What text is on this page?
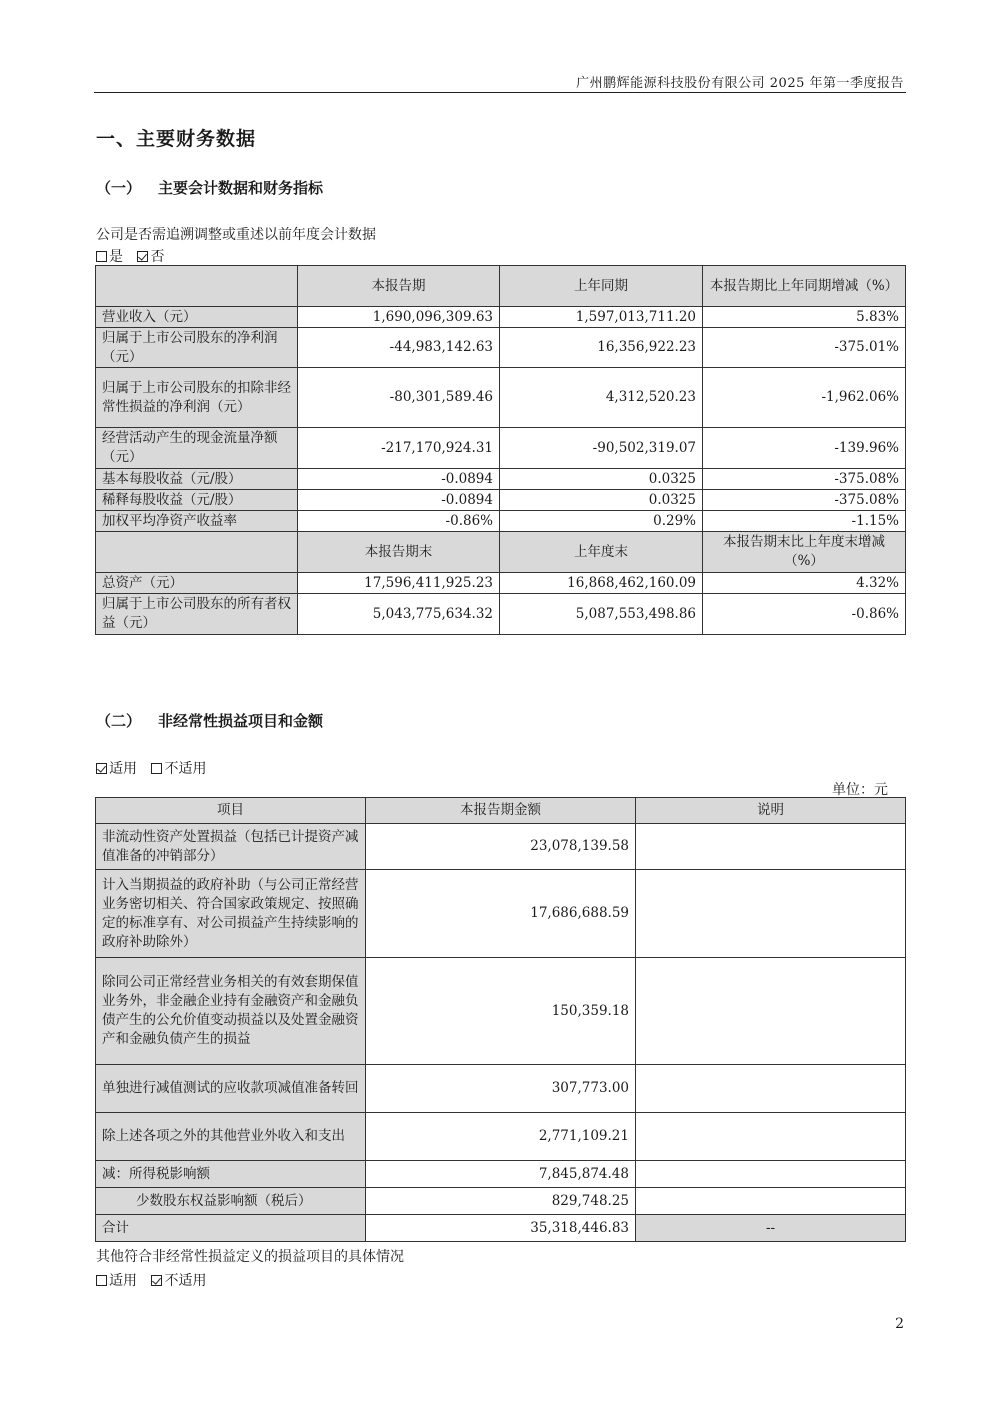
广州鹏辉能源科技股份有限公司 2025 年第一季度报告
一、主要财务数据
（一） 主要会计数据和财务指标
公司是否需追溯调整或重述以前年度会计数据
是 否
	本报告期	上年同期	本报告期比上年同期增减（%）
营业收入（元）	1,690,096,309.63	1,597,013,711.20	5.83%
归属于上市公司股东的净利润（元）	-44,983,142.63	16,356,922.23	-375.01%
归属于上市公司股东的扣除非经常性损益的净利润（元）	-80,301,589.46	4,312,520.23	-1,962.06%
经营活动产生的现金流量净额（元）	-217,170,924.31	-90,502,319.07	-139.96%
基本每股收益（元/股）	-0.0894	0.0325	-375.08%
稀释每股收益（元/股）	-0.0894	0.0325	-375.08%
加权平均净资产收益率	-0.86%	0.29%	-1.15%
	本报告期末	上年度末	本报告期末比上年度末增减（%）
总资产（元）	17,596,411,925.23	16,868,462,160.09	4.32%
归属于上市公司股东的所有者权益（元）	5,043,775,634.32	5,087,553,498.86	-0.86%
（二） 非经常性损益项目和金额
适用 不适用
单位：元
项目	本报告期金额	说明
非流动性资产处置损益（包括已计提资产减值准备的冲销部分）	23,078,139.58	
计入当期损益的政府补助（与公司正常经营业务密切相关、符合国家政策规定、按照确定的标准享有、对公司损益产生持续影响的政府补助除外）	17,686,688.59	
除同公司正常经营业务相关的有效套期保值业务外，非金融企业持有金融资产和金融负债产生的公允价值变动损益以及处置金融资产和金融负债产生的损益	150,359.18	
单独进行减值测试的应收款项减值准备转回	307,773.00	
除上述各项之外的其他营业外收入和支出	2,771,109.21	
减：所得税影响额	7,845,874.48	
少数股东权益影响额（税后）	829,748.25	
合计	35,318,446.83	--
其他符合非经常性损益定义的损益项目的具体情况
适用 不适用
2
